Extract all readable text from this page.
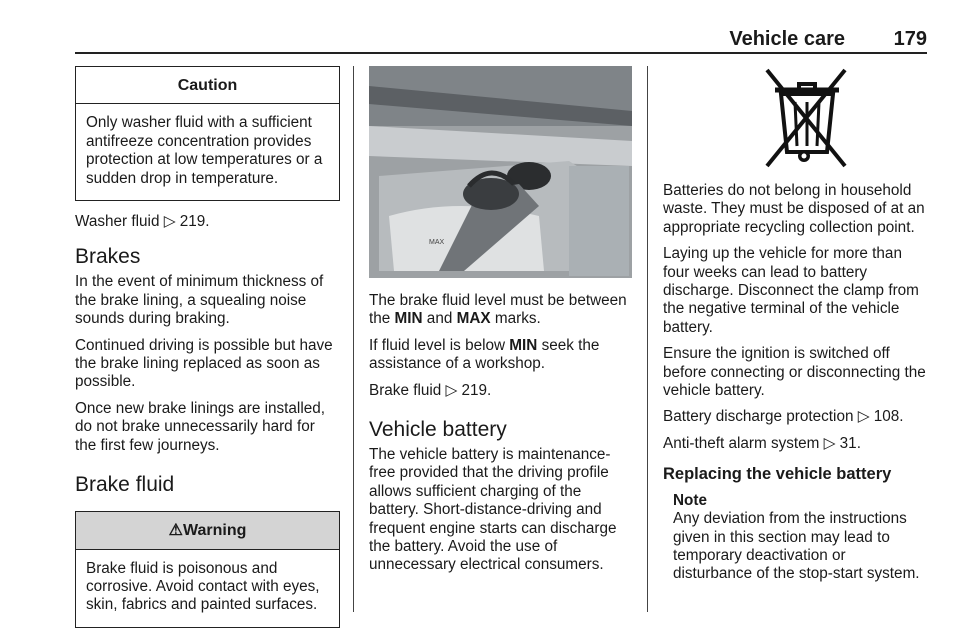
Vehicle care 179
Caution
Only washer fluid with a sufficient antifreeze concentration provides protection at low temperatures or a sudden drop in temperature.

Washer fluid ▷ 219.

Brakes

In the event of minimum thickness of the brake lining, a squealing noise sounds during braking.

Continued driving is possible but have the brake lining replaced as soon as possible.

Once new brake linings are installed, do not brake unnecessarily hard for the first few journeys.

Brake fluid
⚠Warning
Brake fluid is poisonous and corrosive. Avoid contact with eyes, skin, fabrics and painted surfaces.
MAX

The brake fluid level must be between the MIN and MAX marks.

If fluid level is below MIN seek the assistance of a workshop.

Brake fluid ▷ 219.

Vehicle battery

The vehicle battery is maintenance-free provided that the driving profile allows sufficient charging of the battery. Short-distance-driving and frequent engine starts can discharge the battery. Avoid the use of unnecessary electrical consumers.

Batteries do not belong in household waste. They must be disposed of at an appropriate recycling collection point.

Laying up the vehicle for more than four weeks can lead to battery discharge. Disconnect the clamp from the negative terminal of the vehicle battery.

Ensure the ignition is switched off before connecting or disconnecting the vehicle battery.

Battery discharge protection ▷ 108.

Anti-theft alarm system ▷ 31.

Replacing the vehicle battery
Note
Any deviation from the instructions given in this section may lead to temporary deactivation or disturbance of the stop-start system.
